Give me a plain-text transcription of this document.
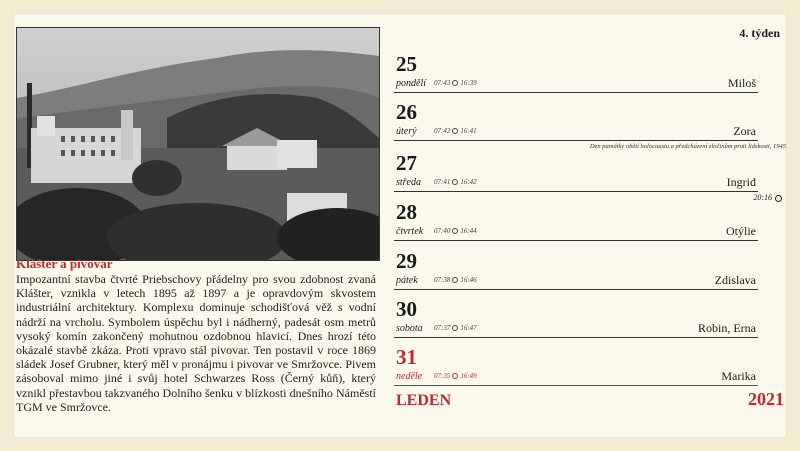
Klášter a pivovar
Impozantní stavba čtvrté Priebschovy přádelny pro svou zdobnost zvaná Klášter, vznikla v letech 1895 až 1897 a je opravdovým skvostem industriální architektury. Komplexu dominuje schodišťová věž s vodní nádrží na vrcholu. Symbolem úspěchu byl i nádherný, padesát osm metrů vysoký komín zakončený mohutnou ozdobnou hlavicí. Dnes hrozí této okázalé stavbě zkáza. Proti vpravo stál pivovar. Ten postavil v roce 1869 sládek Josef Grubner, který měl v pronájmu i pivovar ve Smržovce. Pivem zásoboval mimo jiné i svůj hotel Schwarzes Ross (Černý kůň), který vznikl přestavbou takzvaného Dolního šenku v blízkosti dnešního Náměstí TGM ve Smržovce.
4. týden
25
pondělí 07:43 16:39	Miloš
26
úterý 07:42 16:41	Zora
Den památky obětí holocaustu a předcházení zločinům proti lidskosti, 1945
27
středa 07:41 16:42	Ingrid
20:16
28
čtvrtek 07:40 16:44	Otýlie
29
pátek 07:38 16:46	Zdislava
30
sobota 07:37 16:47	Robin, Erna
31
neděle 07:35 16:49	Marika
LEDEN	2021
